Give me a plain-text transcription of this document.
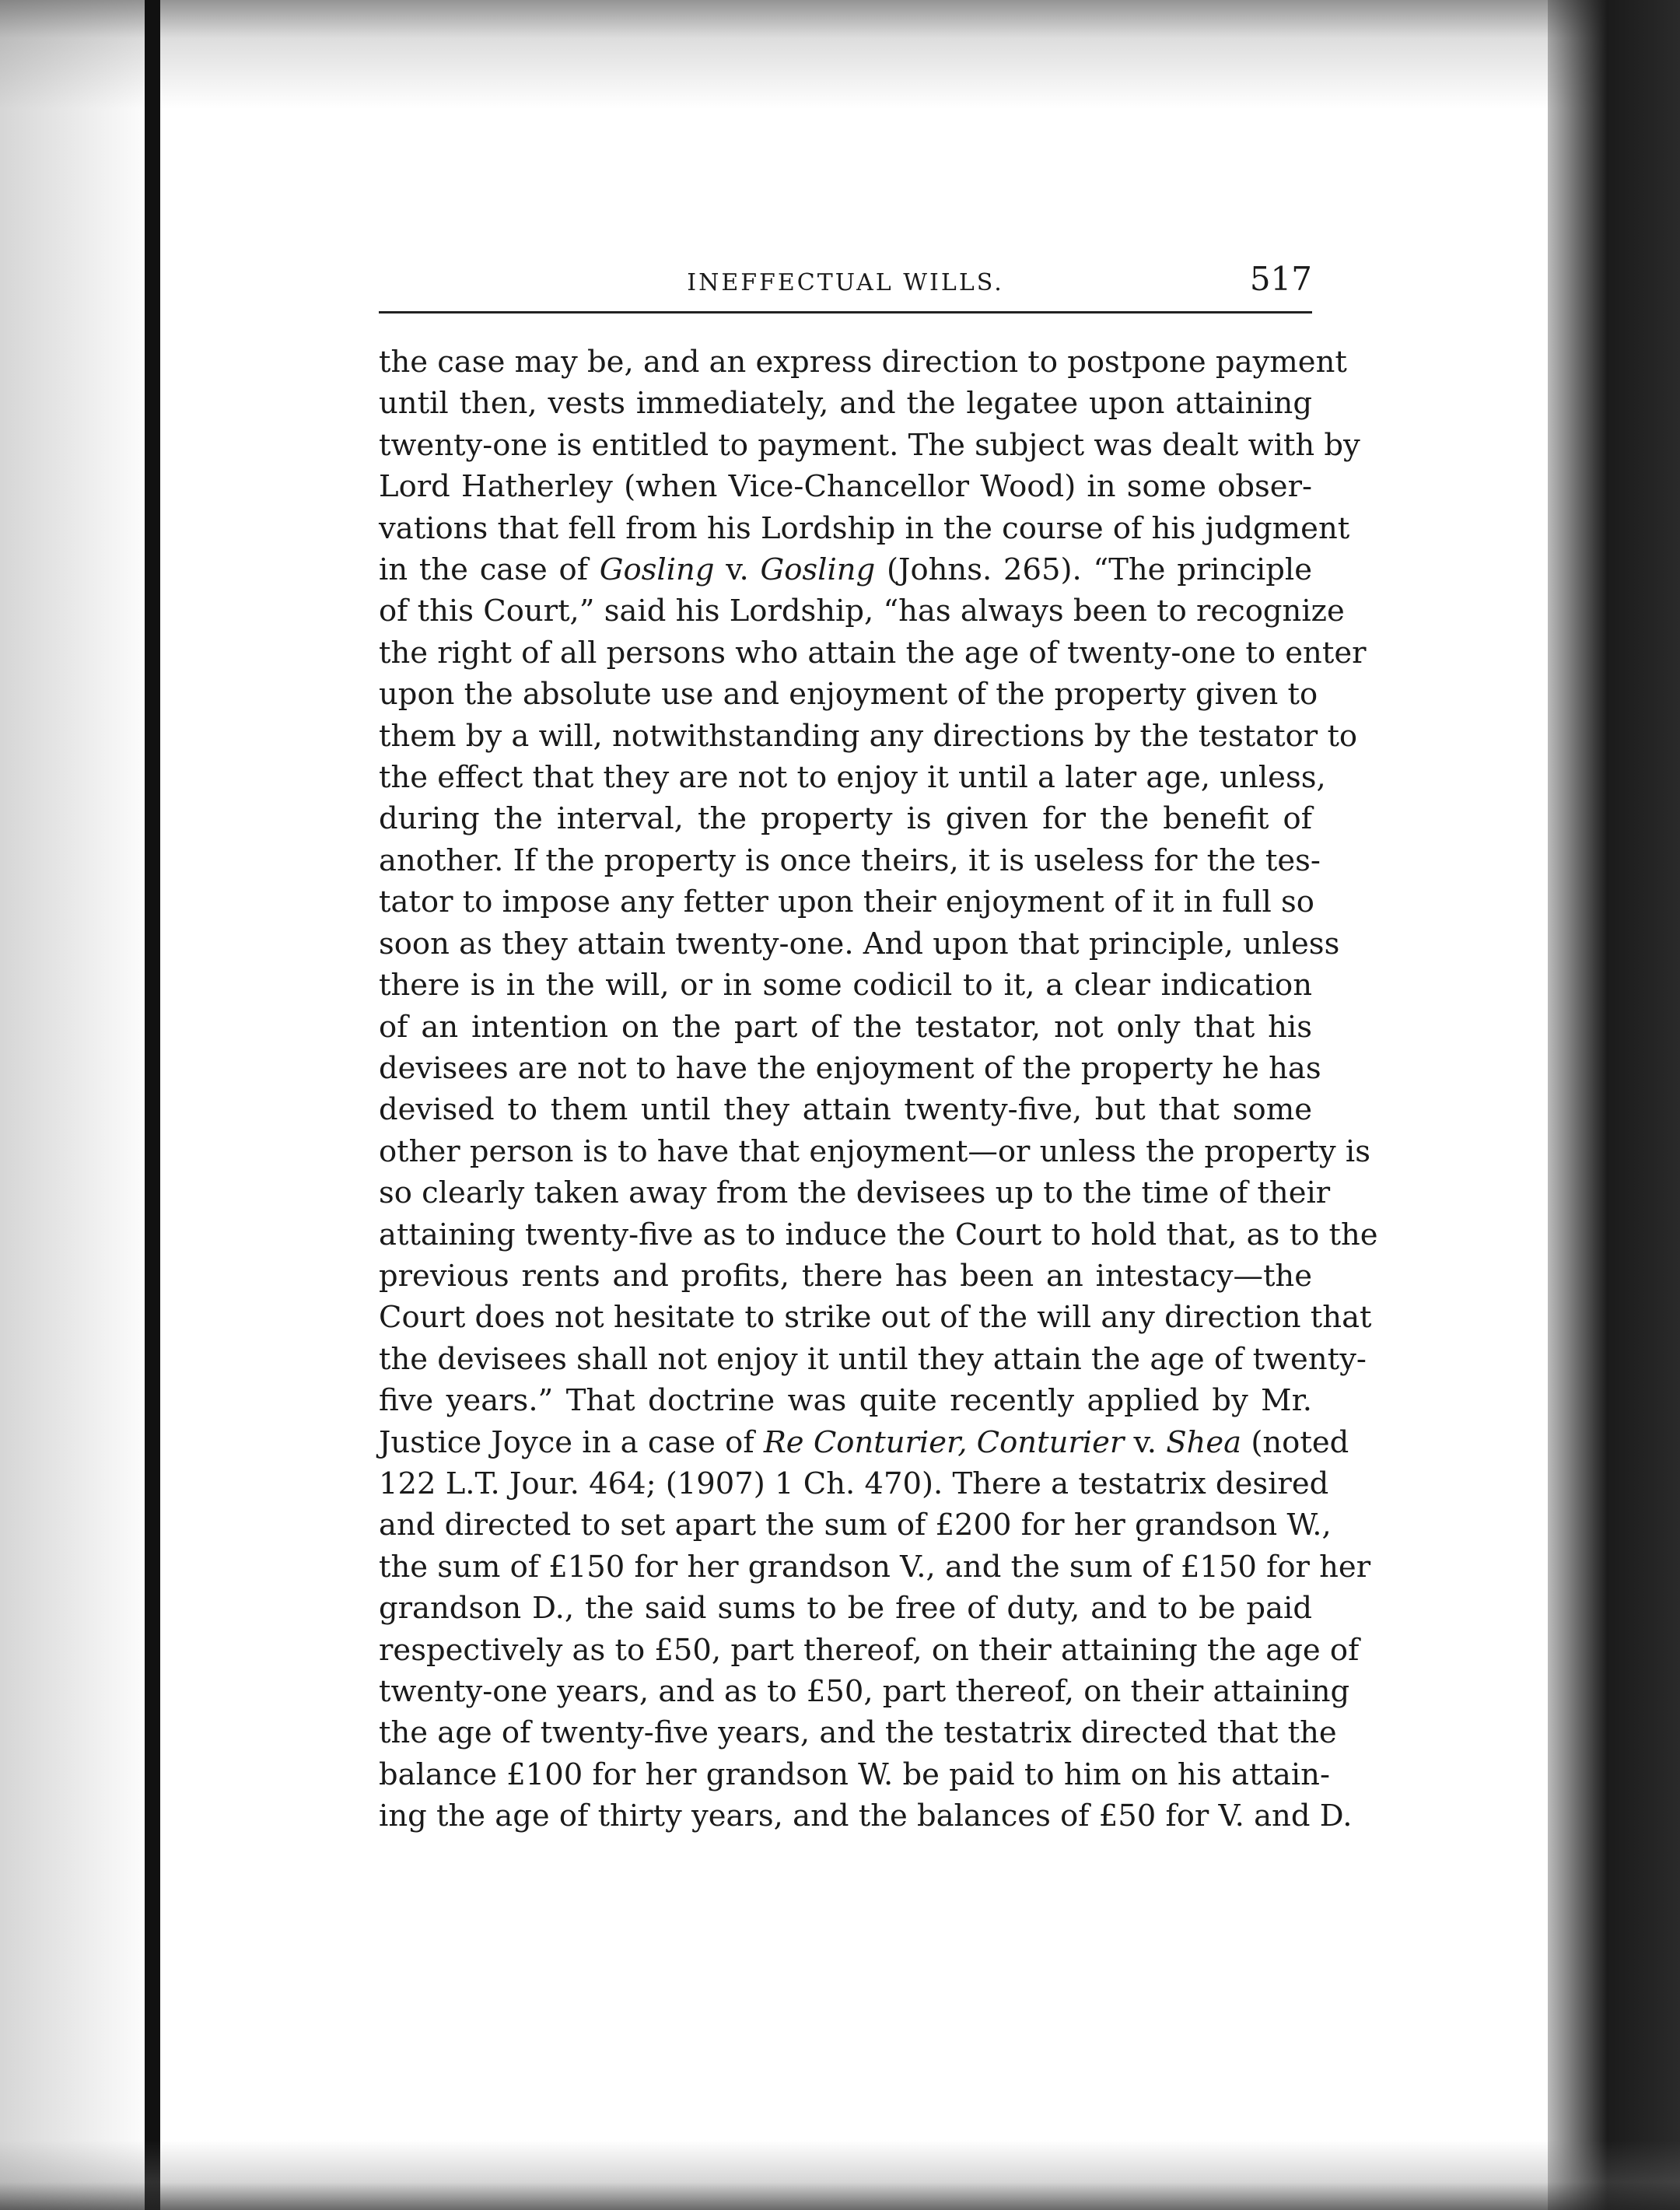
INEFFECTUAL WILLS.	517
the case may be, and an express direction to postpone payment
until then, vests immediately, and the legatee upon attaining
twenty-one is entitled to payment. The subject was dealt with by
Lord Hatherley (when Vice-Chancellor Wood) in some obser-
vations that fell from his Lordship in the course of his judgment
in the case of Gosling v. Gosling (Johns. 265). “The principle
of this Court,” said his Lordship, “has always been to recognize
the right of all persons who attain the age of twenty-one to enter
upon the absolute use and enjoyment of the property given to
them by a will, notwithstanding any directions by the testator to
the effect that they are not to enjoy it until a later age, unless,
during the interval, the property is given for the benefit of
another. If the property is once theirs, it is useless for the tes-
tator to impose any fetter upon their enjoyment of it in full so
soon as they attain twenty-one. And upon that principle, unless
there is in the will, or in some codicil to it, a clear indication
of an intention on the part of the testator, not only that his
devisees are not to have the enjoyment of the property he has
devised to them until they attain twenty-five, but that some
other person is to have that enjoyment—or unless the property is
so clearly taken away from the devisees up to the time of their
attaining twenty-five as to induce the Court to hold that, as to the
previous rents and profits, there has been an intestacy—the
Court does not hesitate to strike out of the will any direction that
the devisees shall not enjoy it until they attain the age of twenty-
five years.” That doctrine was quite recently applied by Mr.
Justice Joyce in a case of Re Conturier, Conturier v. Shea (noted
122 L.T. Jour. 464; (1907) 1 Ch. 470). There a testatrix desired
and directed to set apart the sum of £200 for her grandson W.,
the sum of £150 for her grandson V., and the sum of £150 for her
grandson D., the said sums to be free of duty, and to be paid
respectively as to £50, part thereof, on their attaining the age of
twenty-one years, and as to £50, part thereof, on their attaining
the age of twenty-five years, and the testatrix directed that the
balance £100 for her grandson W. be paid to him on his attain-
ing the age of thirty years, and the balances of £50 for V. and D.
